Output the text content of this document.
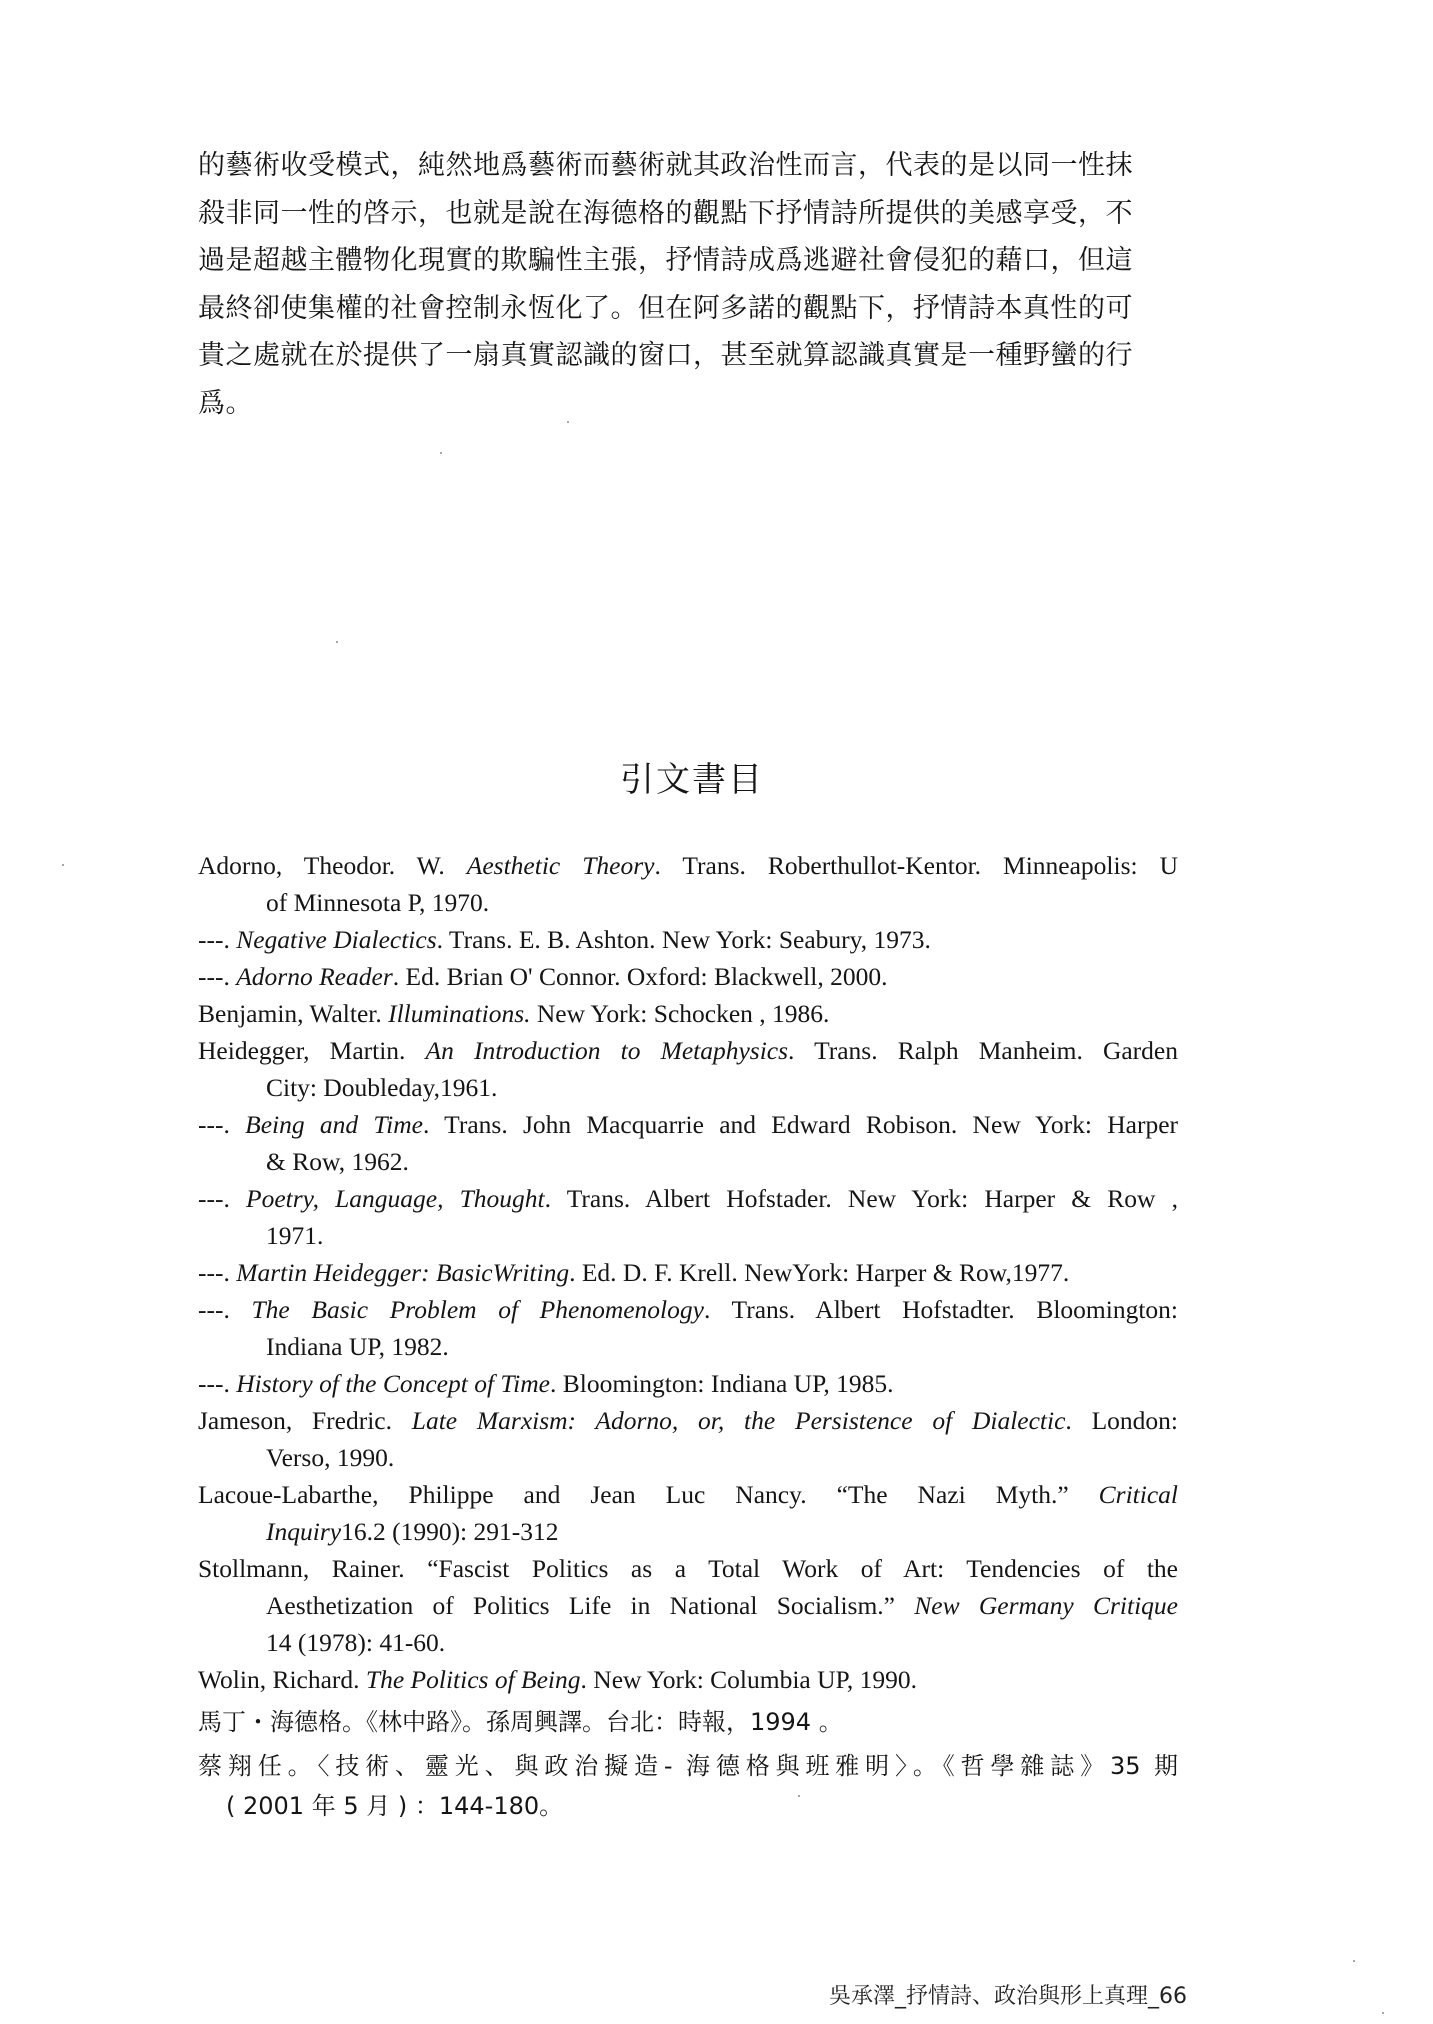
的藝術收受模式，純然地爲藝術而藝術就其政治性而言，代表的是以同一性抹
殺非同一性的啓示，也就是說在海德格的觀點下抒情詩所提供的美感享受，不
過是超越主體物化現實的欺騙性主張，抒情詩成爲逃避社會侵犯的藉口，但這
最終卻使集權的社會控制永恆化了。但在阿多諾的觀點下，抒情詩本真性的可
貴之處就在於提供了一扇真實認識的窗口，甚至就算認識真實是一種野蠻的行
爲。
引文書目
Adorno, Theodor. W. Aesthetic Theory. Trans. Roberthullot-Kentor. Minneapolis: U
of Minnesota P, 1970.
---. Negative Dialectics. Trans. E. B. Ashton. New York: Seabury, 1973.
---. Adorno Reader. Ed. Brian O' Connor. Oxford: Blackwell, 2000.
Benjamin, Walter. Illuminations. New York: Schocken , 1986.
Heidegger, Martin. An Introduction to Metaphysics. Trans. Ralph Manheim. Garden
City: Doubleday,1961.
---. Being and Time. Trans. John Macquarrie and Edward Robison. New York: Harper
& Row, 1962.
---. Poetry, Language, Thought. Trans. Albert Hofstader. New York: Harper & Row ,
1971.
---. Martin Heidegger: BasicWriting. Ed. D. F. Krell. NewYork: Harper & Row,1977.
---. The Basic Problem of Phenomenology. Trans. Albert Hofstadter. Bloomington:
Indiana UP, 1982.
---. History of the Concept of Time. Bloomington: Indiana UP, 1985.
Jameson, Fredric. Late Marxism: Adorno, or, the Persistence of Dialectic. London:
Verso, 1990.
Lacoue-Labarthe, Philippe and Jean Luc Nancy. “The Nazi Myth.” Critical
Inquiry16.2 (1990): 291-312
Stollmann, Rainer. “Fascist Politics as a Total Work of Art: Tendencies of the
Aesthetization of Politics Life in National Socialism.” New Germany Critique
14 (1978): 41-60.
Wolin, Richard. The Politics of Being. New York: Columbia UP, 1990.
馬丁・海德格。《林中路》。孫周興譯。台北：時報，1994 。
蔡翔任。〈技術、靈光、與政治擬造- 海德格與班雅明〉。《哲學雜誌》35 期
( 2001 年 5 月 ) ：144-180。
吳承澤_抒情詩、政治與形上真理_66
